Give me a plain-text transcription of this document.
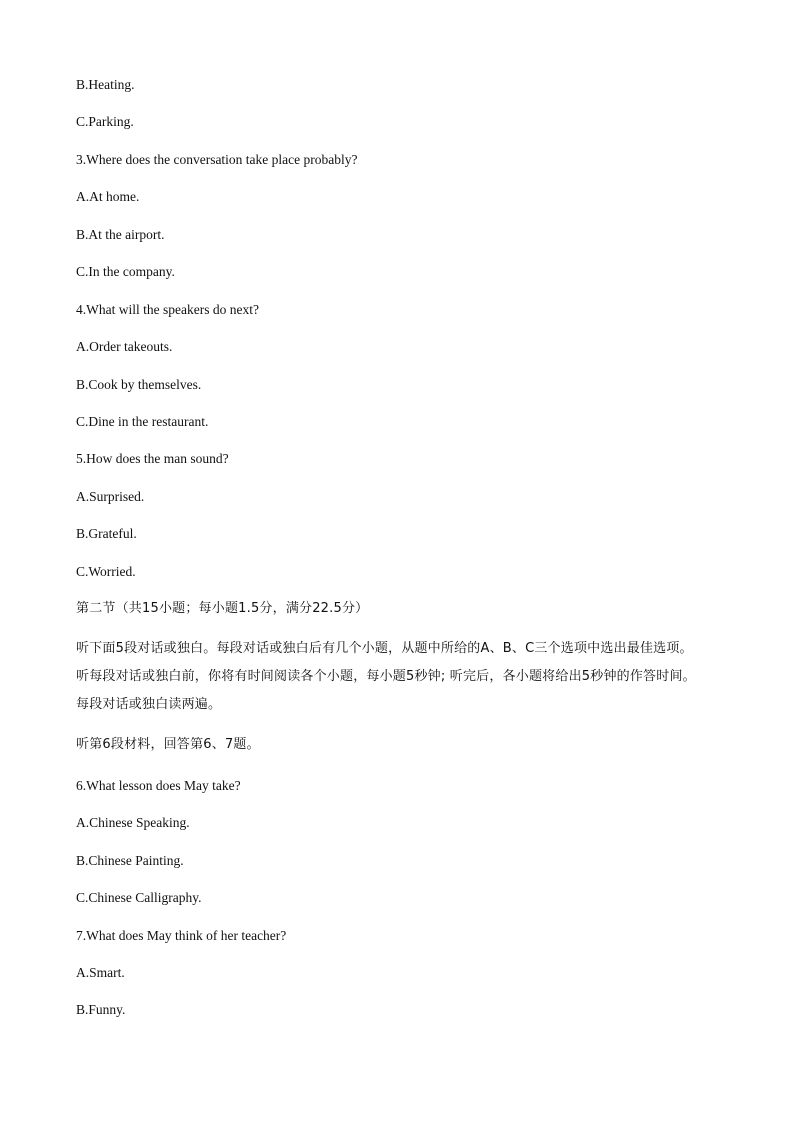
B.Heating.

C.Parking.

3.Where does the conversation take place probably?

A.At home.

B.At the airport.

C.In the company.

4.What will the speakers do next?

A.Order takeouts.

B.Cook by themselves.

C.Dine in the restaurant.

5.How does the man sound?

A.Surprised.

B.Grateful.

C.Worried.

第二节（共15小题；每小题1.5分，满分22.5分）

听下面5段对话或独白。每段对话或独白后有几个小题，从题中所给的A、B、C三个选项中选出最佳选项。

听每段对话或独白前，你将有时间阅读各个小题，每小题5秒钟; 听完后，各小题将给出5秒钟的作答时间。

每段对话或独白读两遍。

听第6段材料，回答第6、7题。

6.What lesson does May take?

A.Chinese Speaking.

B.Chinese Painting.

C.Chinese Calligraphy.

7.What does May think of her teacher?

A.Smart.

B.Funny.
